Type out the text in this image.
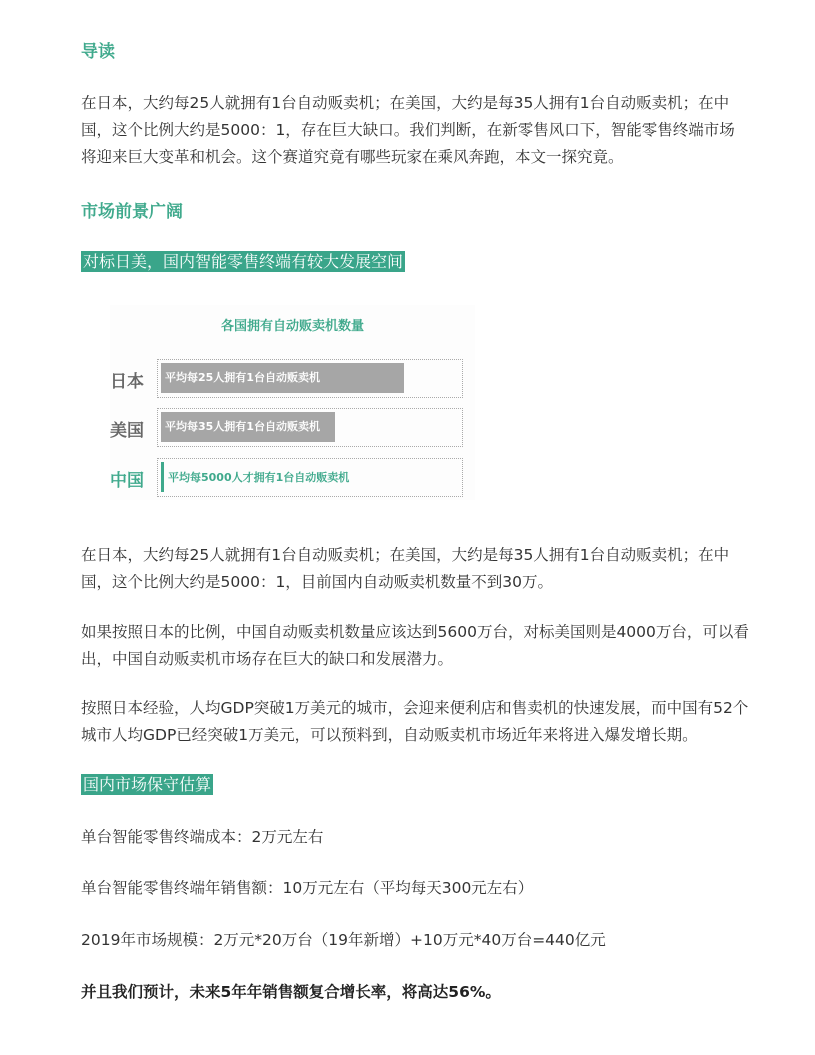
导读
在日本，大约每25人就拥有1台自动贩卖机；在美国，大约是每35人拥有1台自动贩卖机；在中国，这个比例大约是5000：1，存在巨大缺口。我们判断，在新零售风口下，智能零售终端市场将迎来巨大变革和机会。这个赛道究竟有哪些玩家在乘风奔跑，本文一探究竟。
市场前景广阔
对标日美，国内智能零售终端有较大发展空间
各国拥有自动贩卖机数量
日本	平均每25人拥有1台自动贩卖机
美国	平均每35人拥有1台自动贩卖机
中国 平均每5000人才拥有1台自动贩卖机
在日本，大约每25人就拥有1台自动贩卖机；在美国，大约是每35人拥有1台自动贩卖机；在中国，这个比例大约是5000：1，目前国内自动贩卖机数量不到30万。
如果按照日本的比例，中国自动贩卖机数量应该达到5600万台，对标美国则是4000万台，可以看出，中国自动贩卖机市场存在巨大的缺口和发展潜力。
按照日本经验，人均GDP突破1万美元的城市，会迎来便利店和售卖机的快速发展，而中国有52个城市人均GDP已经突破1万美元，可以预料到，自动贩卖机市场近年来将进入爆发增长期。
国内市场保守估算
单台智能零售终端成本：2万元左右
单台智能零售终端年销售额：10万元左右（平均每天300元左右）
2019年市场规模：2万元*20万台（19年新增）+10万元*40万台=440亿元
并且我们预计，未来5年年销售额复合增长率，将高达56%。
